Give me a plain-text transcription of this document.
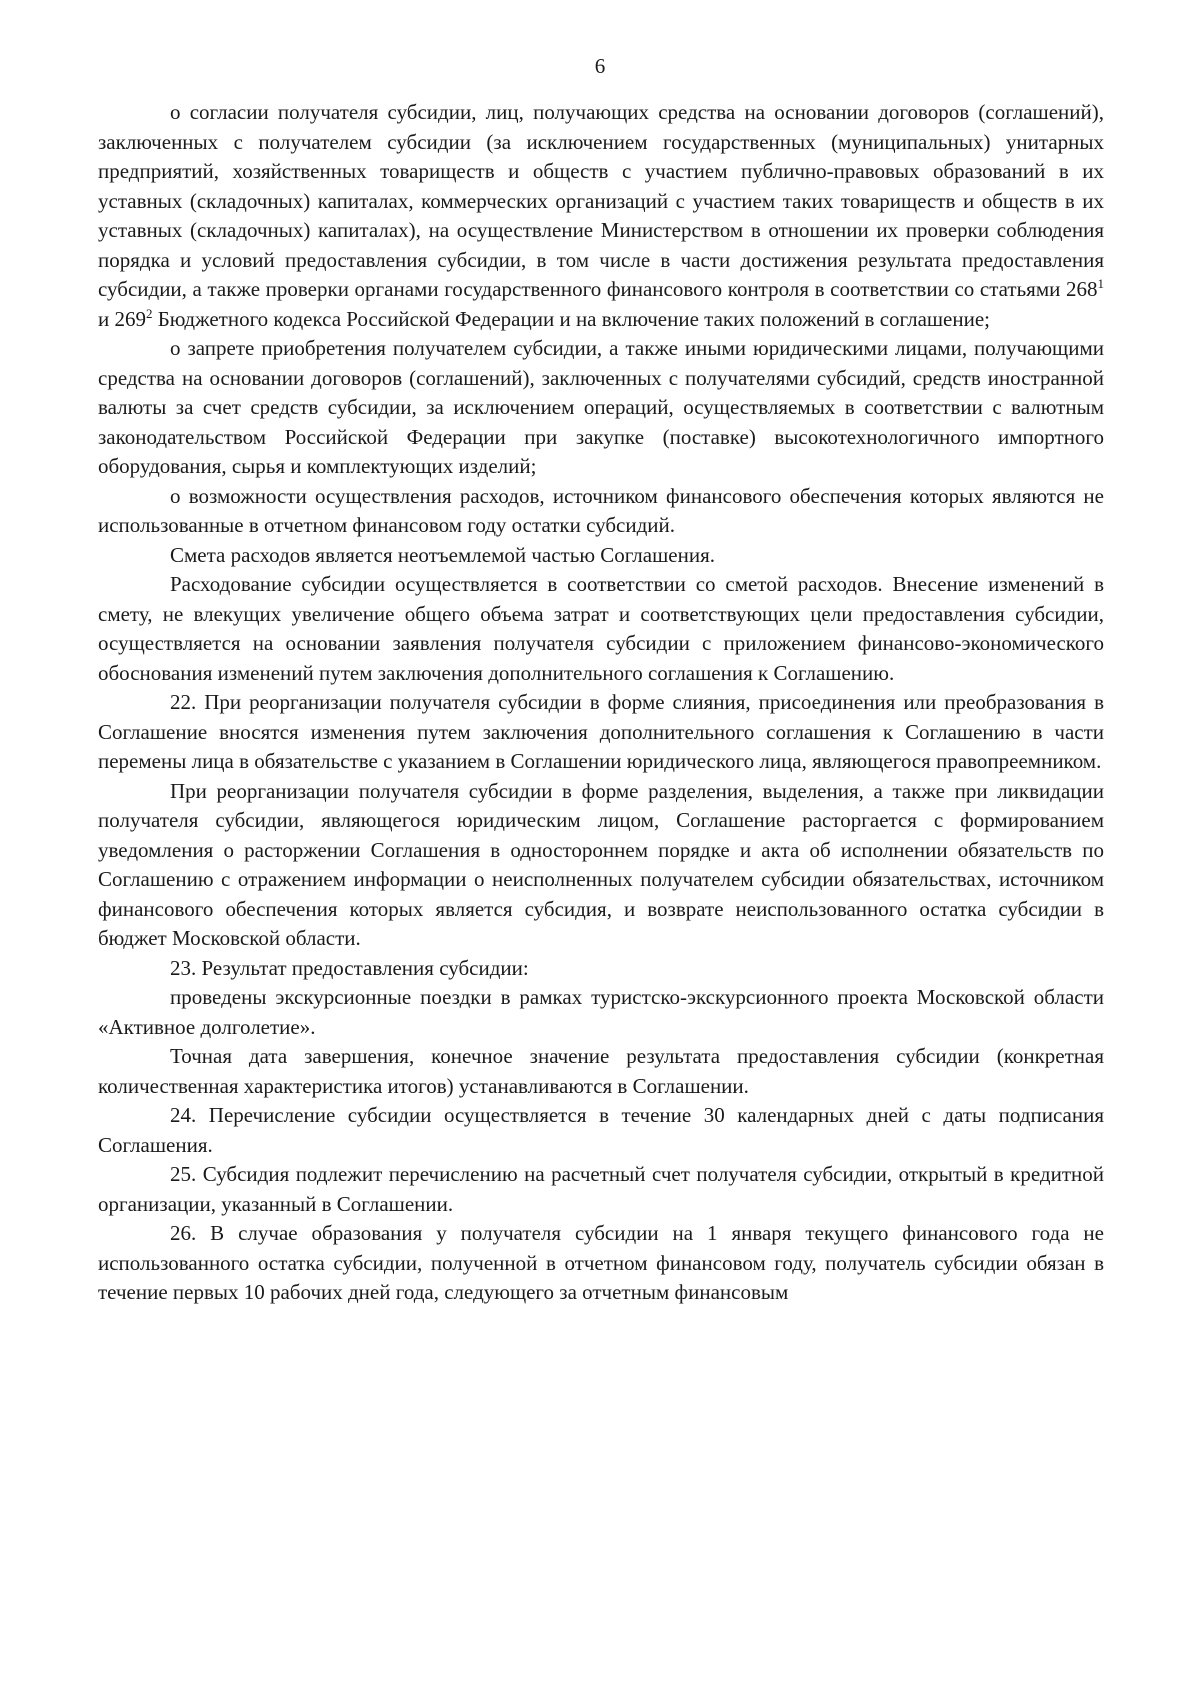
6

о согласии получателя субсидии, лиц, получающих средства на основании договоров (соглашений), заключенных с получателем субсидии (за исключением государственных (муниципальных) унитарных предприятий, хозяйственных товариществ и обществ с участием публично-правовых образований в их уставных (складочных) капиталах, коммерческих организаций с участием таких товариществ и обществ в их уставных (складочных) капиталах), на осуществление Министерством в отношении их проверки соблюдения порядка и условий предоставления субсидии, в том числе в части достижения результата предоставления субсидии, а также проверки органами государственного финансового контроля в соответствии со статьями $268^1$ и $269^2$ Бюджетного кодекса Российской Федерации и на включение таких положений в соглашение;

о запрете приобретения получателем субсидии, а также иными юридическими лицами, получающими средства на основании договоров (соглашений), заключенных с получателями субсидий, средств иностранной валюты за счет средств субсидии, за исключением операций, осуществляемых в соответствии с валютным законодательством Российской Федерации при закупке (поставке) высокотехнологичного импортного оборудования, сырья и комплектующих изделий;

о возможности осуществления расходов, источником финансового обеспечения которых являются не использованные в отчетном финансовом году остатки субсидий.

Смета расходов является неотъемлемой частью Соглашения.

Расходование субсидии осуществляется в соответствии со сметой расходов. Внесение изменений в смету, не влекущих увеличение общего объема затрат и соответствующих цели предоставления субсидии, осуществляется на основании заявления получателя субсидии с приложением финансово-экономического обоснования изменений путем заключения дополнительного соглашения к Соглашению.

22. При реорганизации получателя субсидии в форме слияния, присоединения или преобразования в Соглашение вносятся изменения путем заключения дополнительного соглашения к Соглашению в части перемены лица в обязательстве с указанием в Соглашении юридического лица, являющегося правопреемником.

При реорганизации получателя субсидии в форме разделения, выделения, а также при ликвидации получателя субсидии, являющегося юридическим лицом, Соглашение расторгается с формированием уведомления о расторжении Соглашения в одностороннем порядке и акта об исполнении обязательств по Соглашению с отражением информации о неисполненных получателем субсидии обязательствах, источником финансового обеспечения которых является субсидия, и возврате неиспользованного остатка субсидии в бюджет Московской области.

23. Результат предоставления субсидии:

проведены экскурсионные поездки в рамках туристско-экскурсионного проекта Московской области «Активное долголетие».

Точная дата завершения, конечное значение результата предоставления субсидии (конкретная количественная характеристика итогов) устанавливаются в Соглашении.

24. Перечисление субсидии осуществляется в течение 30 календарных дней с даты подписания Соглашения.

25. Субсидия подлежит перечислению на расчетный счет получателя субсидии, открытый в кредитной организации, указанный в Соглашении.

26. В случае образования у получателя субсидии на 1 января текущего финансового года не использованного остатка субсидии, полученной в отчетном финансовом году, получатель субсидии обязан в течение первых 10 рабочих дней года, следующего за отчетным финансовым
